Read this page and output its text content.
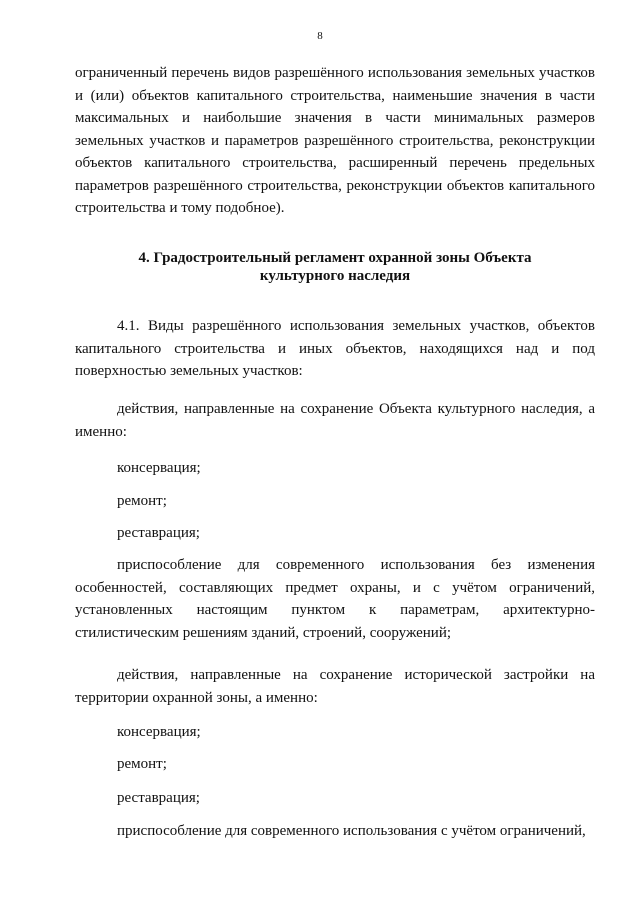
8

ограниченный перечень видов разрешённого использования земельных участков и (или) объектов капитального строительства, наименьшие значения в части максимальных и наибольшие значения в части минимальных размеров земельных участков и параметров разрешённого строительства, реконструкции объектов капитального строительства, расширенный перечень предельных параметров разрешённого строительства, реконструкции объектов капитального строительства и тому подобное).

4. Градостроительный регламент охранной зоны Объекта
культурного наследия

4.1. Виды разрешённого использования земельных участков, объектов капитального строительства и иных объектов, находящихся над и под поверхностью земельных участков:

действия, направленные на сохранение Объекта культурного наследия, а именно:

консервация;

ремонт;

реставрация;

приспособление для современного использования без изменения особенностей, составляющих предмет охраны, и с учётом ограничений, установленных настоящим пунктом к параметрам, архитектурно-стилистическим решениям зданий, строений, сооружений;

действия, направленные на сохранение исторической застройки на территории охранной зоны, а именно:

консервация;

ремонт;

реставрация;

приспособление для современного использования с учётом ограничений,
